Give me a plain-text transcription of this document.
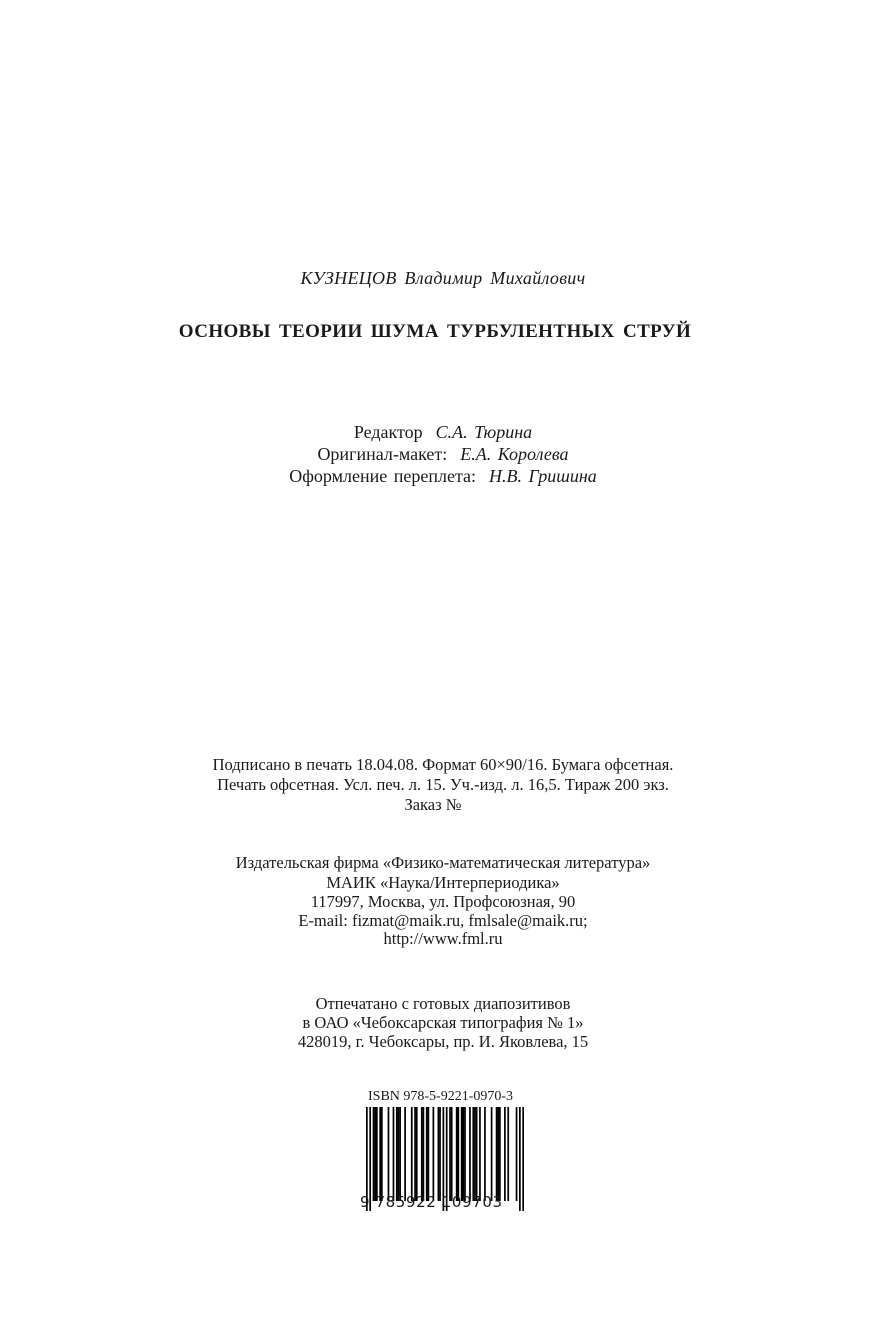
КУЗНЕЦОВ Владимир Михайлович
ОСНОВЫ ТЕОРИИ ШУМА ТУРБУЛЕНТНЫХ СТРУЙ
Редактор С.А. Тюрина
Оригинал-макет: Е.А. Королева
Оформление переплета: Н.В. Гришина
Подписано в печать 18.04.08. Формат 60×90/16. Бумага офсетная.
Печать офсетная. Усл. печ. л. 15. Уч.-изд. л. 16,5. Тираж 200 экз.
Заказ №
Издательская фирма «Физико-математическая литература»
МАИК «Наука/Интерпериодика»
117997, Москва, ул. Профсоюзная, 90
E-mail: fizmat@maik.ru, fmlsale@maik.ru;
http://www.fml.ru
Отпечатано с готовых диапозитивов
в ОАО «Чебоксарская типография № 1»
428019, г. Чебоксары, пр. И. Яковлева, 15
ISBN 978-5-9221-0970-3
9 785922 109703
